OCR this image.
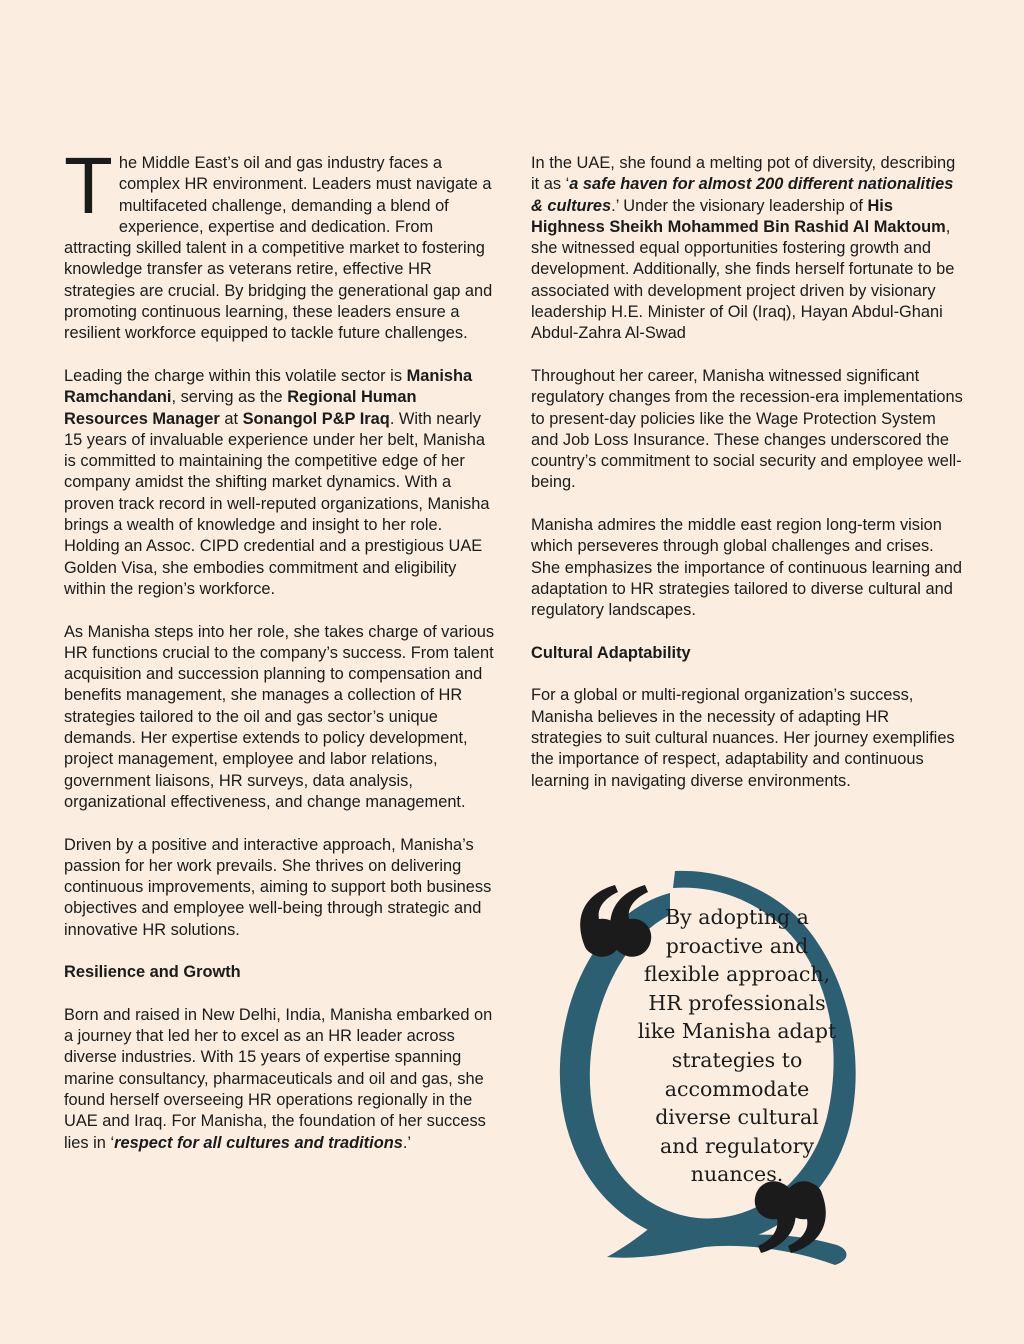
The Middle East’s oil and gas industry faces a complex HR environment. Leaders must navigate a multifaceted challenge, demanding a blend of experience, expertise and dedication. From attracting skilled talent in a competitive market to fostering knowledge transfer as veterans retire, effective HR strategies are crucial. By bridging the generational gap and promoting continuous learning, these leaders ensure a resilient workforce equipped to tackle future challenges.

Leading the charge within this volatile sector is Manisha Ramchandani, serving as the Regional Human Resources Manager at Sonangol P&P Iraq. With nearly 15 years of invaluable experience under her belt, Manisha is committed to maintaining the competitive edge of her company amidst the shifting market dynamics. With a proven track record in well-reputed organizations, Manisha brings a wealth of knowledge and insight to her role. Holding an Assoc. CIPD credential and a prestigious UAE Golden Visa, she embodies commitment and eligibility within the region’s workforce.

As Manisha steps into her role, she takes charge of various HR functions crucial to the company’s success. From talent acquisition and succession planning to compensation and benefits management, she manages a collection of HR strategies tailored to the oil and gas sector’s unique demands. Her expertise extends to policy development, project management, employee and labor relations, government liaisons, HR surveys, data analysis, organizational effectiveness, and change management.

Driven by a positive and interactive approach, Manisha’s passion for her work prevails. She thrives on delivering continuous improvements, aiming to support both business objectives and employee well-being through strategic and innovative HR solutions.

Resilience and Growth

Born and raised in New Delhi, India, Manisha embarked on a journey that led her to excel as an HR leader across diverse industries. With 15 years of expertise spanning marine consultancy, pharmaceuticals and oil and gas, she found herself overseeing HR operations regionally in the UAE and Iraq. For Manisha, the foundation of her success lies in ‘respect for all cultures and traditions.’

In the UAE, she found a melting pot of diversity, describing it as ‘a safe haven for almost 200 different nationalities & cultures.’ Under the visionary leadership of His Highness Sheikh Mohammed Bin Rashid Al Maktoum, she witnessed equal opportunities fostering growth and development. Additionally, she finds herself fortunate to be associated with development project driven by visionary leadership H.E. Minister of Oil (Iraq), Hayan Abdul-Ghani Abdul-Zahra Al-Swad

Throughout her career, Manisha witnessed significant regulatory changes from the recession-era implementations to present-day policies like the Wage Protection System and Job Loss Insurance. These changes underscored the country’s commitment to social security and employee well-being.

Manisha admires the middle east region long-term vision which perseveres through global challenges and crises. She emphasizes the importance of continuous learning and adaptation to HR strategies tailored to diverse cultural and regulatory landscapes.

Cultural Adaptability

For a global or multi-regional organization’s success, Manisha believes in the necessity of adapting HR strategies to suit cultural nuances. Her journey exemplifies the importance of respect, adaptability and continuous learning in navigating diverse environments.

By adopting a proactive and flexible approach, HR professionals like Manisha adapt strategies to accommodate diverse cultural and regulatory nuances.
